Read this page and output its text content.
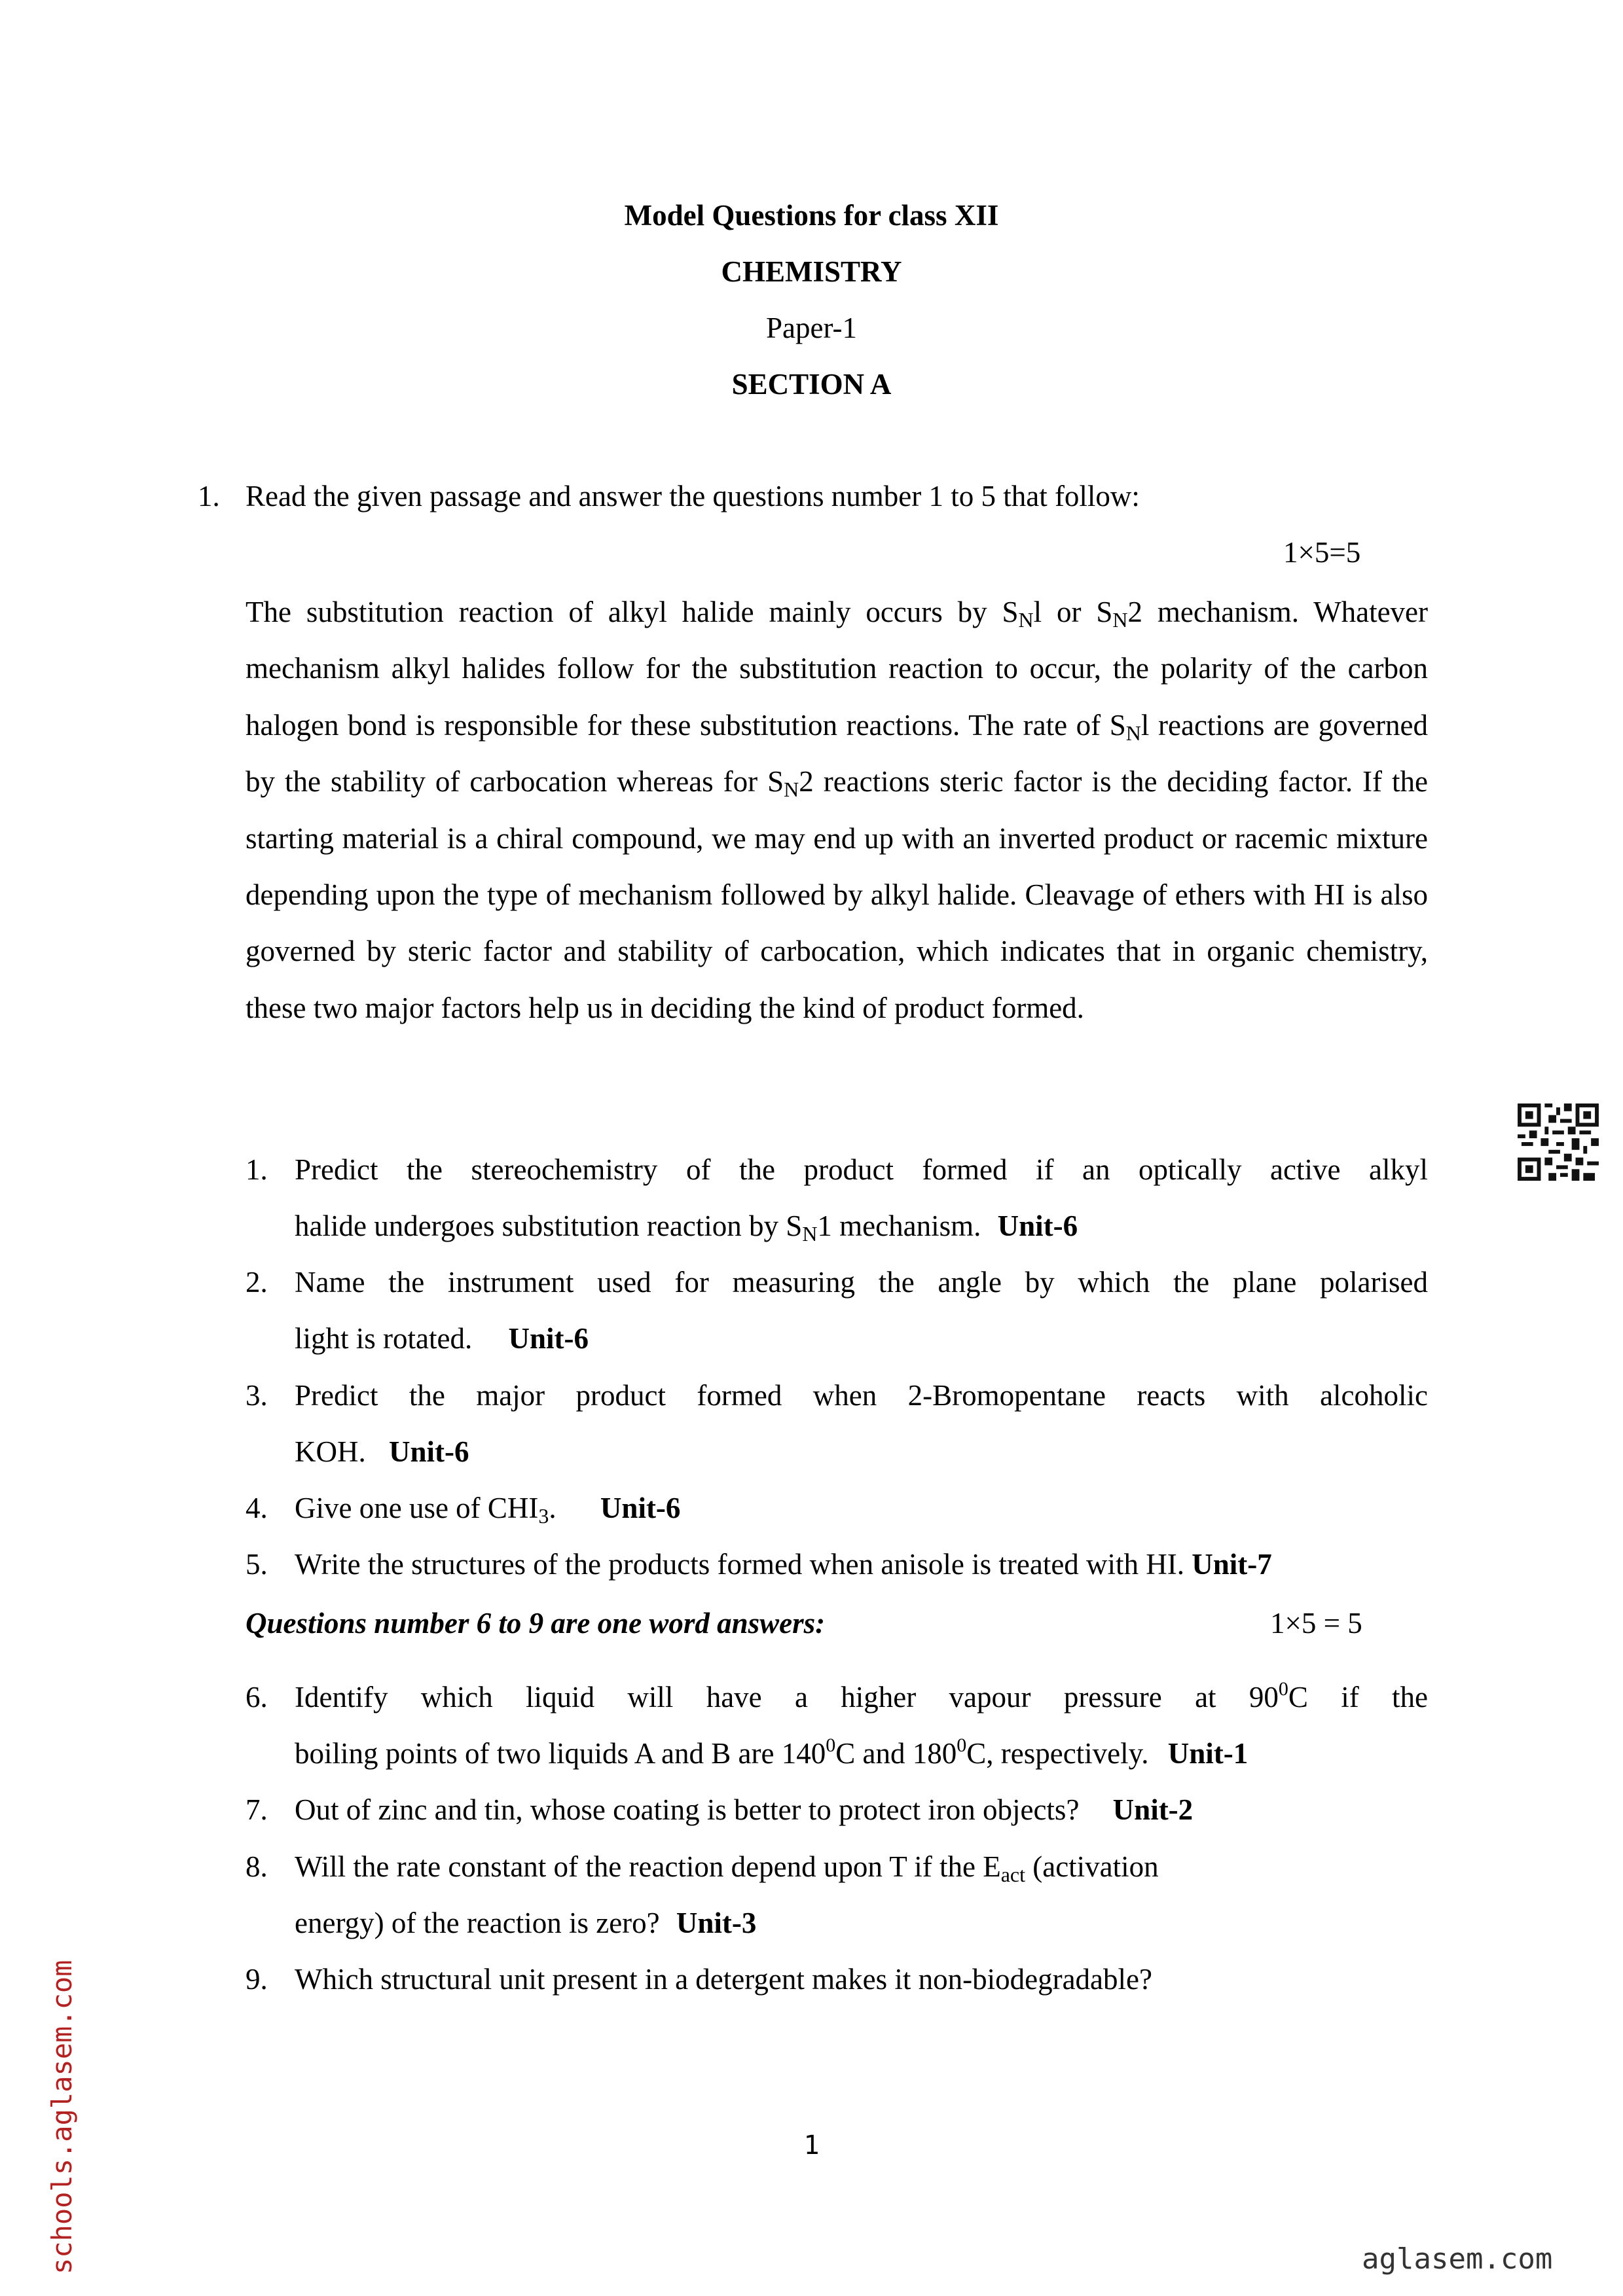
Model Questions for class XII
CHEMISTRY
Paper-1
SECTION A
1. Read the given passage and answer the questions number 1 to 5 that follow:
1×5=5
The substitution reaction of alkyl halide mainly occurs by $S_Nl$ or $S_N2$ mechanism. Whatever mechanism alkyl halides follow for the substitution reaction to occur, the polarity of the carbon halogen bond is responsible for these substitution reactions. The rate of $S_Nl$ reactions are governed by the stability of carbocation whereas for $S_N2$ reactions steric factor is the deciding factor. If the starting material is a chiral compound, we may end up with an inverted product or racemic mixture depending upon the type of mechanism followed by alkyl halide. Cleavage of ethers with HI is also governed by steric factor and stability of carbocation, which indicates that in organic chemistry, these two major factors help us in deciding the kind of product formed.
1. Predict the stereochemistry of the product formed if an optically active alkyl
halide undergoes substitution reaction by $S_N1$ mechanism. Unit-6
2. Name the instrument used for measuring the angle by which the plane polarised
light is rotated. Unit-6
3. Predict the major product formed when 2-Bromopentane reacts with alcoholic
KOH. Unit-6
4. Give one use of $CHI_3$. Unit-6
5. Write the structures of the products formed when anisole is treated with HI. Unit-7
Questions number 6 to 9 are one word answers:	1×5 = 5
6. Identify which liquid will have a higher vapour pressure at $90^0C$ if the
boiling points of two liquids A and B are $140^0C$ and $180^0C$, respectively. Unit-1
7. Out of zinc and tin, whose coating is better to protect iron objects? Unit-2
8. Will the rate constant of the reaction depend upon T if the $E_{act}$ (activation
energy) of the reaction is zero? Unit-3
9. Which structural unit present in a detergent makes it non-biodegradable?
1
aglasem.com
schools.aglasem.com
